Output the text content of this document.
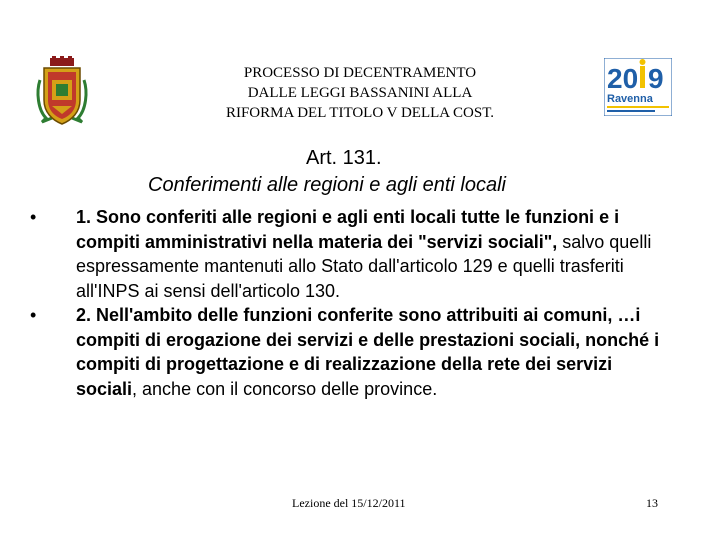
PROCESSO DI DECENTRAMENTO
DALLE LEGGI BASSANINI ALLA
RIFORMA DEL TITOLO V DELLA COST.
20 9
Ravenna
Art. 131.
Conferimenti alle regioni e agli enti locali
•	1. Sono conferiti alle regioni e agli enti locali tutte le funzioni e i compiti amministrativi nella materia dei "servizi sociali", salvo quelli espressamente mantenuti allo Stato dall'articolo 129 e quelli trasferiti all'INPS ai sensi dell'articolo 130.
•	2. Nell'ambito delle funzioni conferite sono attribuiti ai comuni, …i compiti di erogazione dei servizi e delle prestazioni sociali, nonché i compiti di progettazione e di realizzazione della rete dei servizi sociali, anche con il concorso delle province.
Lezione del 15/12/2011	13
